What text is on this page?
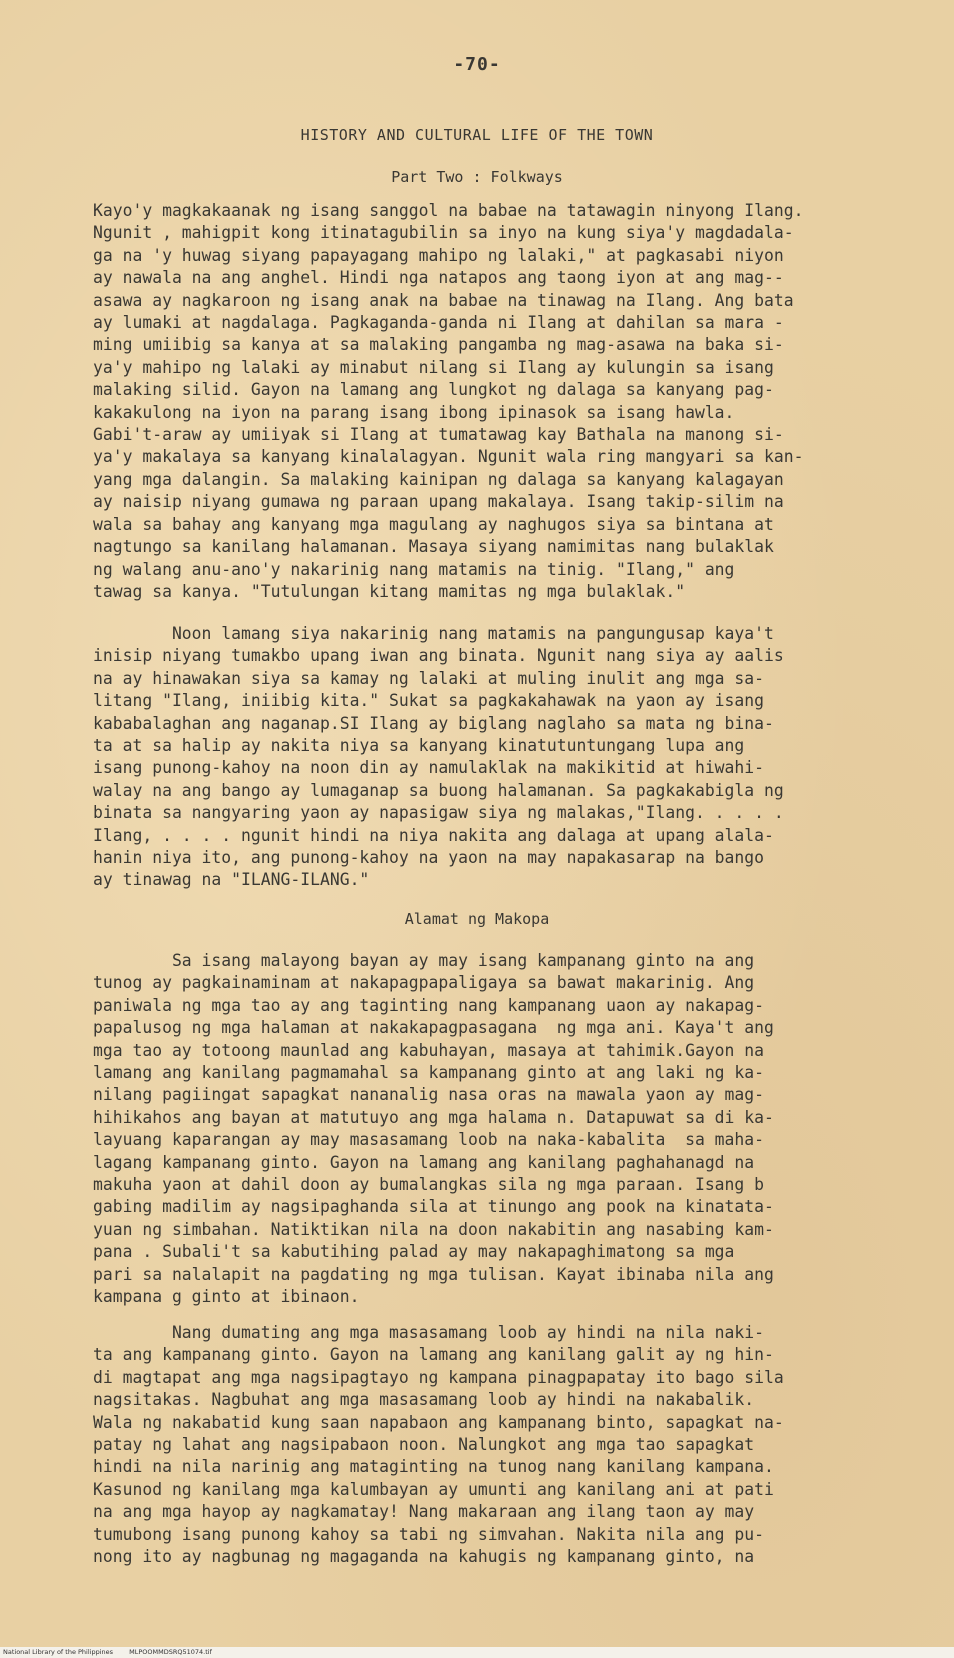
-70-
HISTORY AND CULTURAL LIFE OF THE TOWN
Part Two : Folkways
Kayo'y magkakaanak ng isang sanggol na babae na tatawagin ninyong Ilang.
Ngunit , mahigpit kong itinatagubilin sa inyo na kung siya'y magdadala-
ga na 'y huwag siyang papayagang mahipo ng lalaki," at pagkasabi niyon
ay nawala na ang anghel. Hindi nga natapos ang taong iyon at ang mag--
asawa ay nagkaroon ng isang anak na babae na tinawag na Ilang. Ang bata
ay lumaki at nagdalaga. Pagkaganda-ganda ni Ilang at dahilan sa mara -
ming umiibig sa kanya at sa malaking pangamba ng mag-asawa na baka si-
ya'y mahipo ng lalaki ay minabut nilang si Ilang ay kulungin sa isang
malaking silid. Gayon na lamang ang lungkot ng dalaga sa kanyang pag-
kakakulong na iyon na parang isang ibong ipinasok sa isang hawla.
Gabi't-araw ay umiiyak si Ilang at tumatawag kay Bathala na manong si-
ya'y makalaya sa kanyang kinalalagyan. Ngunit wala ring mangyari sa kan-
yang mga dalangin. Sa malaking kainipan ng dalaga sa kanyang kalagayan
ay naisip niyang gumawa ng paraan upang makalaya. Isang takip-silim na
wala sa bahay ang kanyang mga magulang ay naghugos siya sa bintana at
nagtungo sa kanilang halamanan. Masaya siyang namimitas nang bulaklak
ng walang anu-ano'y nakarinig nang matamis na tinig. "Ilang," ang
tawag sa kanya. "Tutulungan kitang mamitas ng mga bulaklak."
Noon lamang siya nakarinig nang matamis na pangungusap kaya't
inisip niyang tumakbo upang iwan ang binata. Ngunit nang siya ay aalis
na ay hinawakan siya sa kamay ng lalaki at muling inulit ang mga sa-
litang "Ilang, iniibig kita." Sukat sa pagkakahawak na yaon ay isang
kababalaghan ang naganap.SI Ilang ay biglang naglaho sa mata ng bina-
ta at sa halip ay nakita niya sa kanyang kinatutuntungang lupa ang
isang punong-kahoy na noon din ay namulaklak na makikitid at hiwahi-
walay na ang bango ay lumaganap sa buong halamanan. Sa pagkakabigla ng
binata sa nangyaring yaon ay napasigaw siya ng malakas,"Ilang. . . . .
Ilang, . . . . ngunit hindi na niya nakita ang dalaga at upang alala-
hanin niya ito, ang punong-kahoy na yaon na may napakasarap na bango
ay tinawag na "ILANG-ILANG."
Alamat ng Makopa
Sa isang malayong bayan ay may isang kampanang ginto na ang
tunog ay pagkainaminam at nakapagpapaligaya sa bawat makarinig. Ang
paniwala ng mga tao ay ang taginting nang kampanang uaon ay nakapag-
papalusog ng mga halaman at nakakapagpasagana  ng mga ani. Kaya't ang
mga tao ay totoong maunlad ang kabuhayan, masaya at tahimik.Gayon na
lamang ang kanilang pagmamahal sa kampanang ginto at ang laki ng ka-
nilang pagiingat sapagkat nananalig nasa oras na mawala yaon ay mag-
hihikahos ang bayan at matutuyo ang mga halama n. Datapuwat sa di ka-
layuang kaparangan ay may masasamang loob na naka-kabalita  sa maha-
lagang kampanang ginto. Gayon na lamang ang kanilang paghahanagd na
makuha yaon at dahil doon ay bumalangkas sila ng mga paraan. Isang b
gabing madilim ay nagsipaghanda sila at tinungo ang pook na kinatata-
yuan ng simbahan. Natiktikan nila na doon nakabitin ang nasabing kam-
pana . Subali't sa kabutihing palad ay may nakapaghimatong sa mga
pari sa nalalapit na pagdating ng mga tulisan. Kayat ibinaba nila ang
kampana g ginto at ibinaon.
Nang dumating ang mga masasamang loob ay hindi na nila naki-
ta ang kampanang ginto. Gayon na lamang ang kanilang galit ay ng hin-
di magtapat ang mga nagsipagtayo ng kampana pinagpapatay ito bago sila
nagsitakas. Nagbuhat ang mga masasamang loob ay hindi na nakabalik.
Wala ng nakabatid kung saan napabaon ang kampanang binto, sapagkat na-
patay ng lahat ang nagsipabaon noon. Nalungkot ang mga tao sapagkat
hindi na nila narinig ang mataginting na tunog nang kanilang kampana.
Kasunod ng kanilang mga kalumbayan ay umunti ang kanilang ani at pati
na ang mga hayop ay nagkamatay! Nang makaraan ang ilang taon ay may
tumubong isang punong kahoy sa tabi ng simvahan. Nakita nila ang pu-
nong ito ay nagbunag ng magaganda na kahugis ng kampanang ginto, na
National Library of the Philippines MLPOOMMDSRQ51074.tif
